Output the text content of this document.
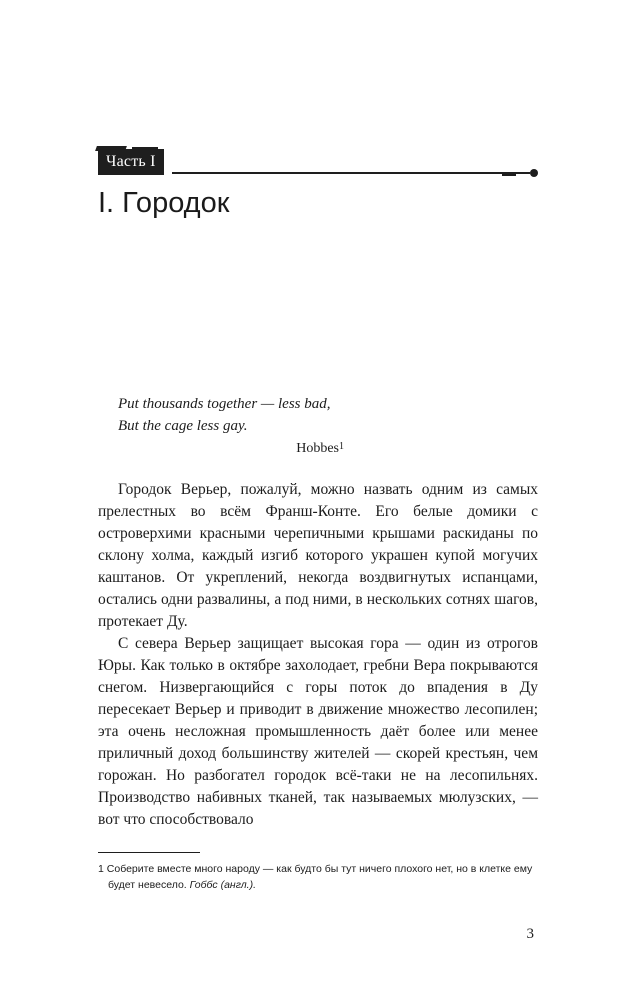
Часть I
I. Городок
Put thousands together — less bad,
But the cage less gay.
Hobbes$^1$

Городок Верьер, пожалуй, можно назвать одним из самых прелестных во всём Франш-Конте. Его белые домики с островерхими красными черепичными крышами раскиданы по склону холма, каждый изгиб которого украшен купой могучих каштанов. От укреплений, некогда воздвигнутых испанцами, остались одни развалины, а под ними, в нескольких сотнях шагов, протекает Ду.

С севера Верьер защищает высокая гора — один из отрогов Юры. Как только в октябре захолодает, гребни Вера покрываются снегом. Низвергающийся с горы поток до впадения в Ду пересекает Верьер и приводит в движение множество лесопилен; эта очень несложная промышленность даёт более или менее приличный доход большинству жителей — скорей крестьян, чем горожан. Но разбогател городок всё-таки не на лесопильнях. Производство набивных тканей, так называемых мюлузских, — вот что способствовало

1 Соберите вместе много народу — как будто бы тут ничего плохого нет, но в клетке ему будет невесело. Гоббс (англ.).
3
